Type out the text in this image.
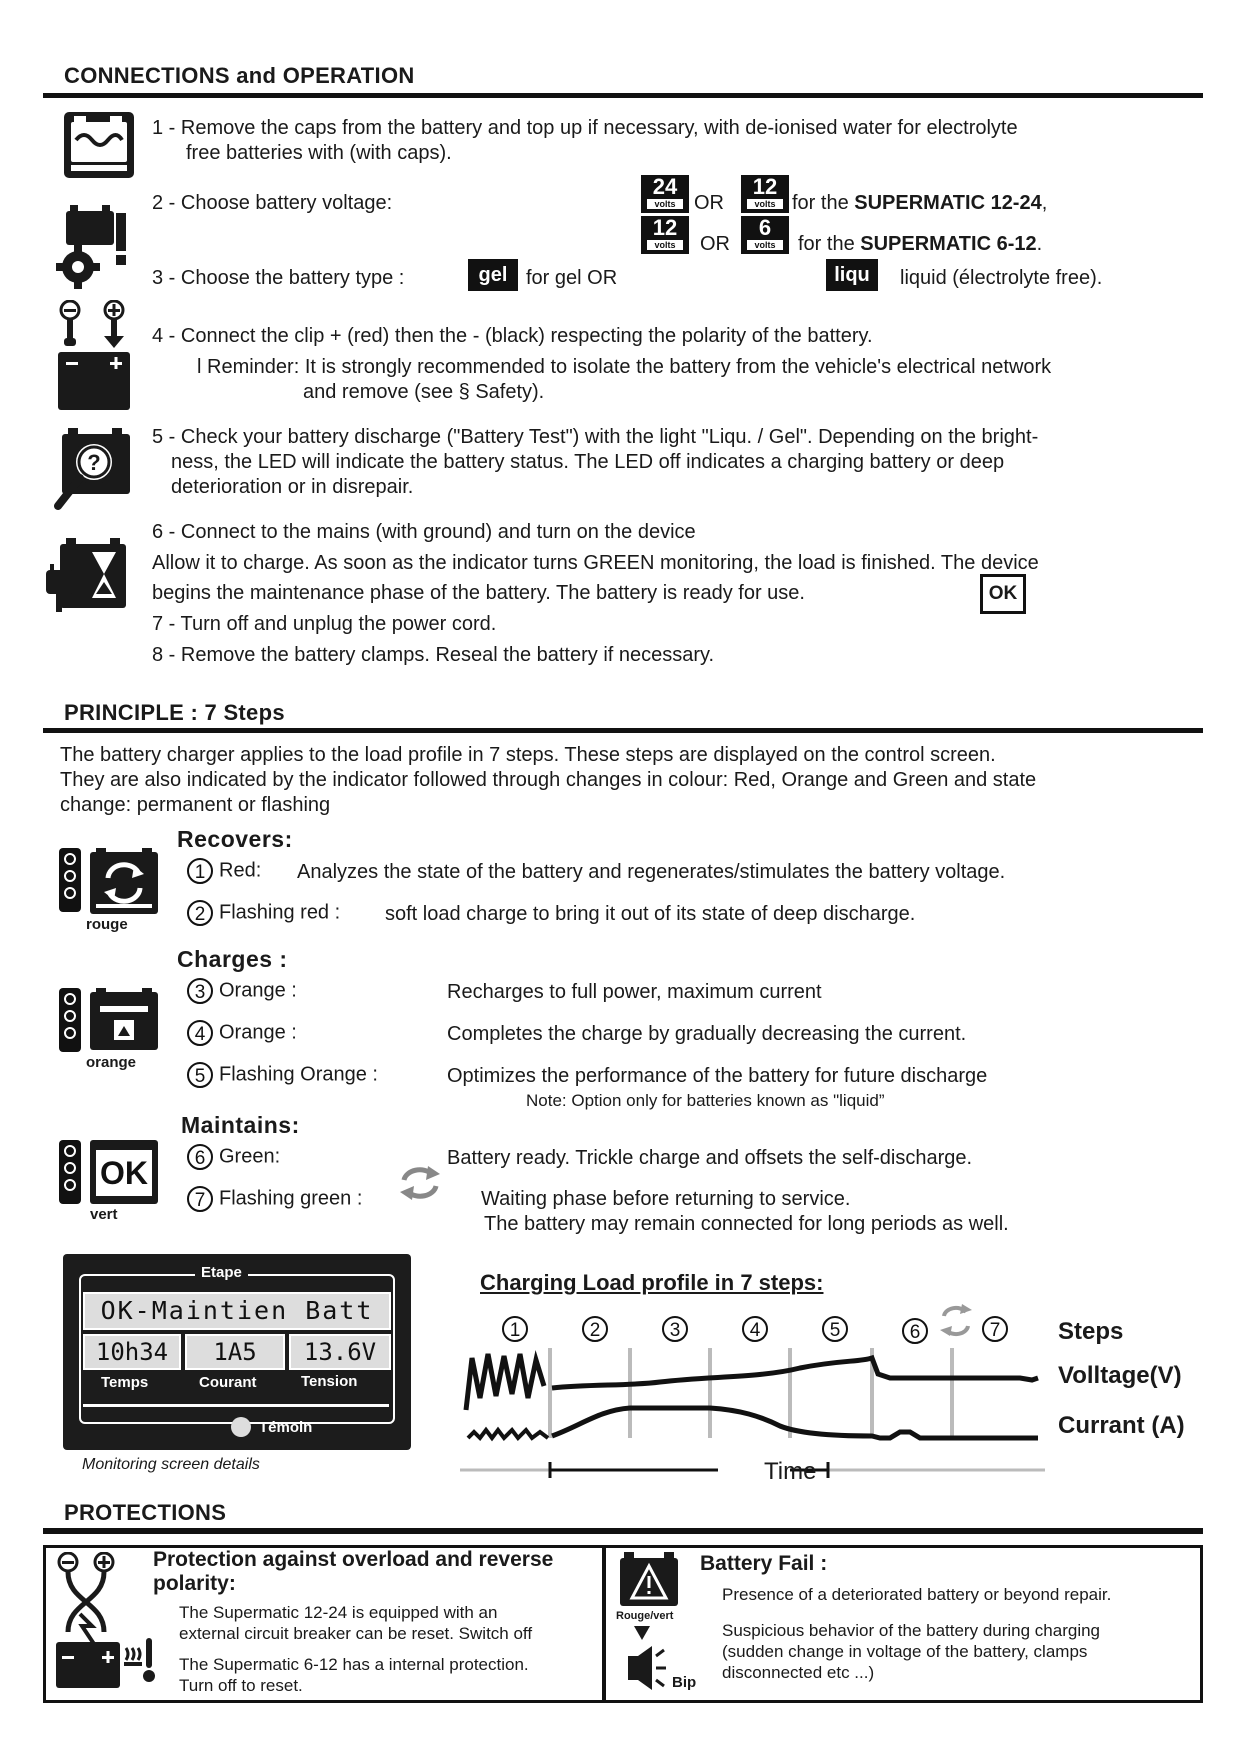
CONNECTIONS and OPERATION
?
1 - Remove the caps from the battery and top up if necessary, with de-ionised water for electrolyte
free batteries with (with caps).
2 - Choose battery voltage:
24
volts OR
12
volts for the SUPERMATIC 12-24,
12
volts	OR
6
volts	for the SUPERMATIC 6-12.
3 - Choose the battery type :	gel for gel OR	liqu	liquid (électrolyte free).
4 - Connect the clip + (red) then the - (black) respecting the polarity of the battery.
l Reminder: It is strongly recommended to isolate the battery from the vehicle's electrical network
and remove (see § Safety).
5 - Check your battery discharge ("Battery Test") with the light "Liqu. / Gel". Depending on the bright-
ness, the LED will indicate the battery status. The LED off indicates a charging battery or deep
deterioration or in disrepair.
6 - Connect to the mains (with ground) and turn on the device
Allow it to charge. As soon as the indicator turns GREEN monitoring, the load is finished. The device
begins the maintenance phase of the battery. The battery is ready for use.	OK
7 - Turn off and unplug the power cord.
8 - Remove the battery clamps. Reseal the battery if necessary.
PRINCIPLE : 7 Steps
The battery charger applies to the load profile in 7 steps. These steps are displayed on the control screen.
They are also indicated by the indicator followed through changes in colour: Red, Orange and Green and state
change: permanent or flashing
Recovers:
rouge
1 Red: Analyzes the state of the battery and regenerates/stimulates the battery voltage.
2 Flashing red : soft load charge to bring it out of its state of deep discharge.
Charges :
orange
3 Orange :	Recharges to full power, maximum current
4 Orange :	Completes the charge by gradually decreasing the current.
5 Flashing Orange :	Optimizes the performance of the battery for future discharge
Note: Option only for batteries known as "liquid”
Maintains:
OK
vert
6 Green:	Battery ready. Trickle charge and offsets the self-discharge.
7 Flashing green :	Waiting phase before returning to service.
The battery may remain connected for long periods as well.
Etape
OK-Maintien Batt
10h34	1A5	13.6V
Temps	Courant	Tension
Témoin
Monitoring screen details
Charging Load profile in 7 steps:
1	2	3	4	5	6	7	Steps
Volltage(V)
Currant (A)
Time
PROTECTIONS
Protection against overload and reverse
polarity:
The Supermatic 12-24 is equipped with an
external circuit breaker can be reset. Switch off
The Supermatic 6-12 has a internal protection.
Turn off to reset.
Rouge/vert
Bip
Battery Fail :
Presence of a deteriorated battery or beyond repair.
Suspicious behavior of the battery during charging
(sudden change in voltage of the battery, clamps
disconnected etc ...)
